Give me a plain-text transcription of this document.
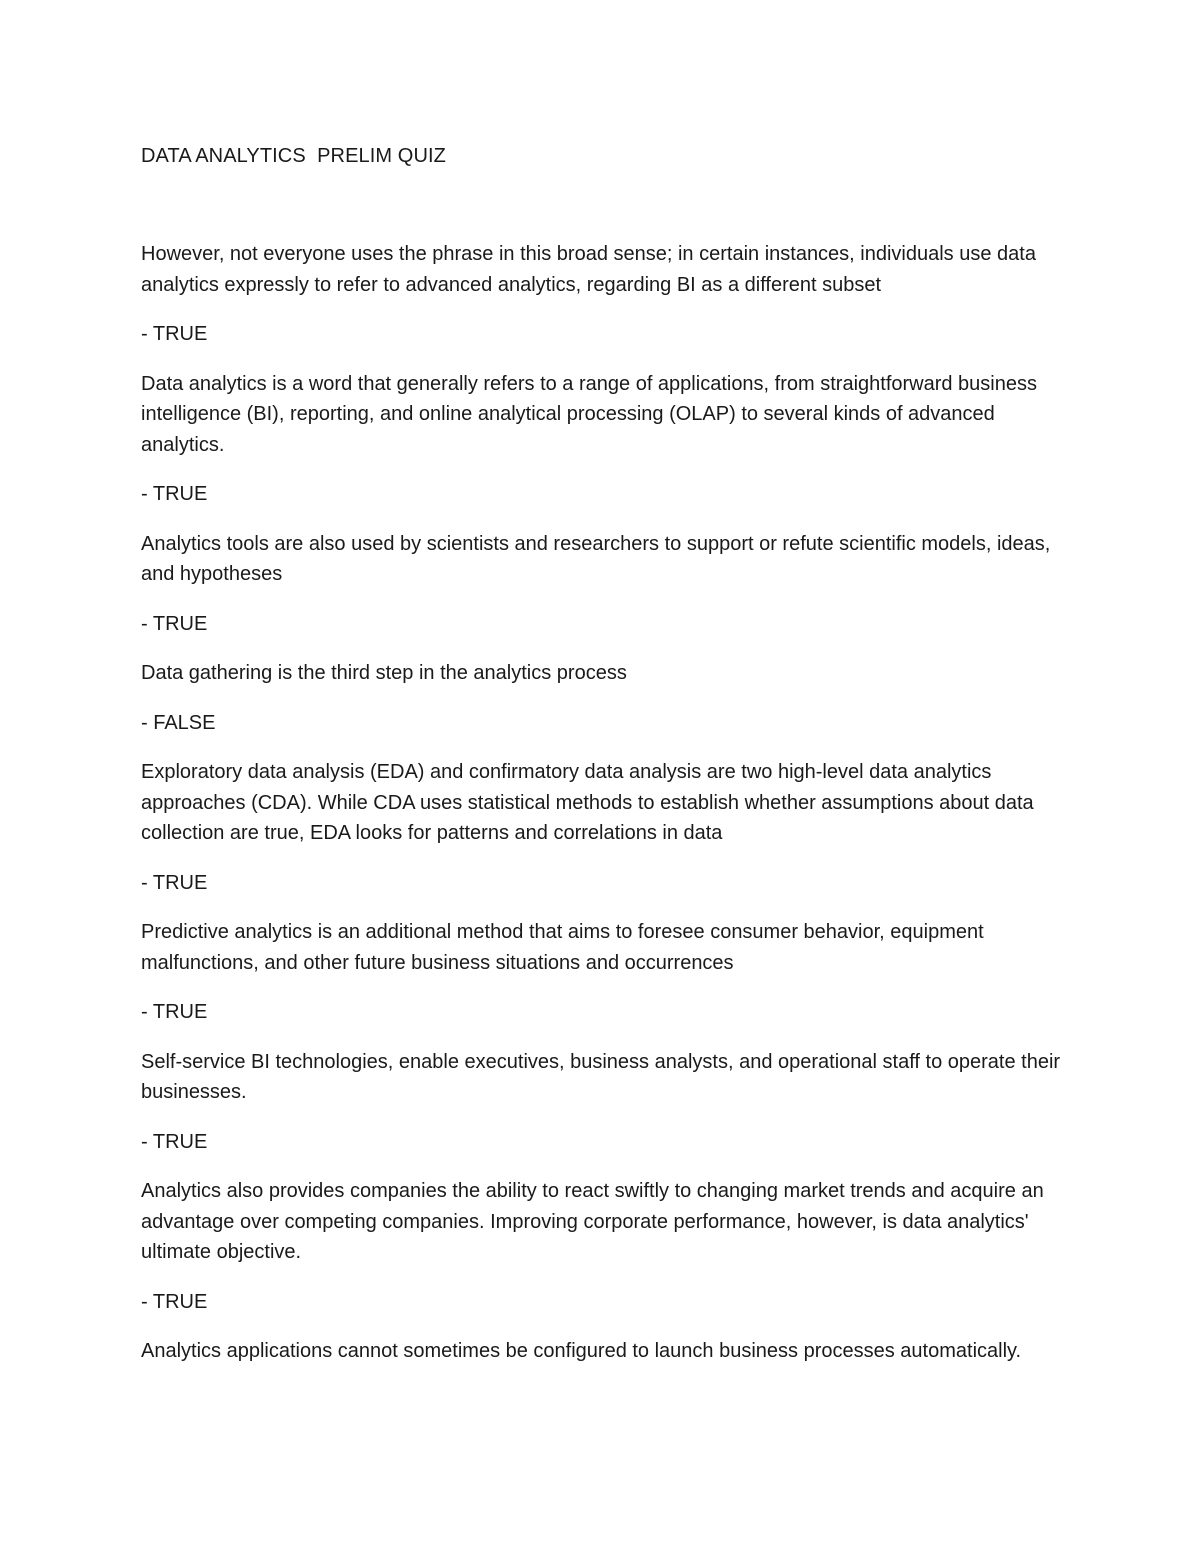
DATA ANALYTICS  PRELIM QUIZ

However, not everyone uses the phrase in this broad sense; in certain instances, individuals use data analytics expressly to refer to advanced analytics, regarding BI as a different subset

- TRUE

Data analytics is a word that generally refers to a range of applications, from straightforward business intelligence (BI), reporting, and online analytical processing (OLAP) to several kinds of advanced analytics.

- TRUE

Analytics tools are also used by scientists and researchers to support or refute scientific models, ideas, and hypotheses

- TRUE

Data gathering is the third step in the analytics process

- FALSE

Exploratory data analysis (EDA) and confirmatory data analysis are two high-level data analytics approaches (CDA). While CDA uses statistical methods to establish whether assumptions about data collection are true, EDA looks for patterns and correlations in data

- TRUE

Predictive analytics is an additional method that aims to foresee consumer behavior, equipment malfunctions, and other future business situations and occurrences

- TRUE

Self-service BI technologies, enable executives, business analysts, and operational staff to operate their businesses.

- TRUE

Analytics also provides companies the ability to react swiftly to changing market trends and acquire an advantage over competing companies. Improving corporate performance, however, is data analytics' ultimate objective.

- TRUE

Analytics applications cannot sometimes be configured to launch business processes automatically.
